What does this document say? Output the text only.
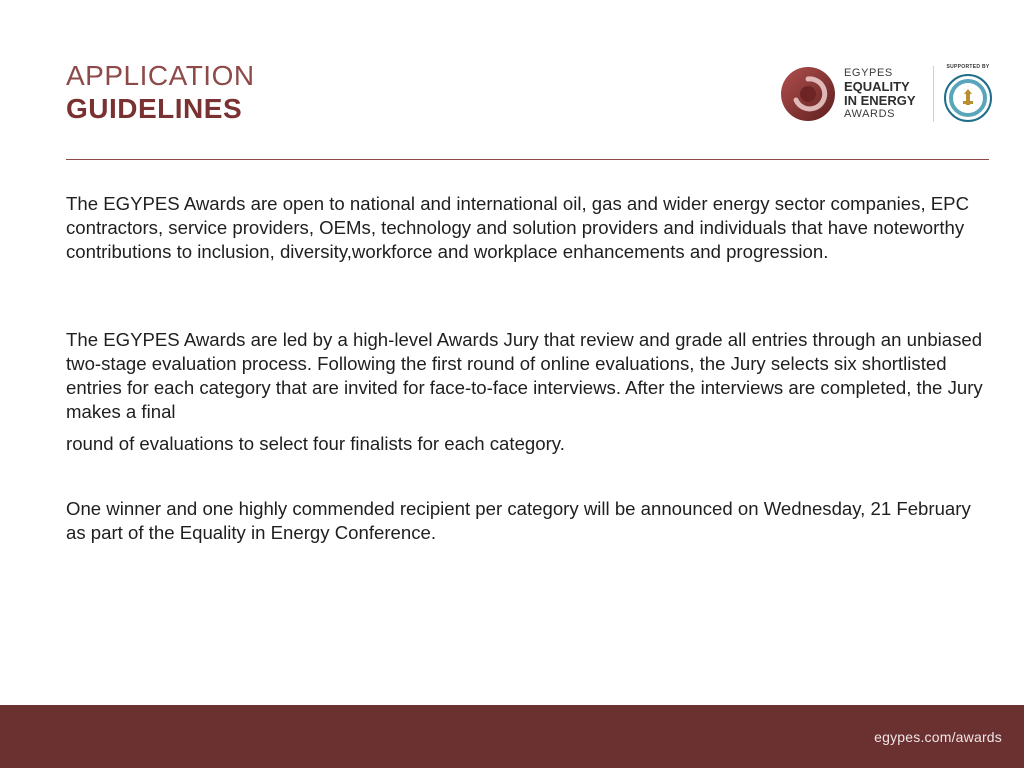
APPLICATION
GUIDELINES
EGYPES
EQUALITY
IN ENERGY
AWARDS
SUPPORTED BY

The EGYPES Awards are open to national and international oil, gas and wider energy sector companies, EPC contractors, service providers, OEMs, technology and solution providers and individuals that have noteworthy contributions to inclusion, diversity,workforce and workplace enhancements and progression.

The EGYPES Awards are led by a high-level Awards Jury that review and grade all entries through an unbiased two-stage evaluation process. Following the first round of online evaluations, the Jury selects six shortlisted entries for each category that are invited for face-to-face interviews. After the interviews are completed, the Jury makes a final

round of evaluations to select four finalists for each category.

One winner and one highly commended recipient per category will be announced on Wednesday, 21 February as part of the Equality in Energy Conference.

egypes.com/awards
